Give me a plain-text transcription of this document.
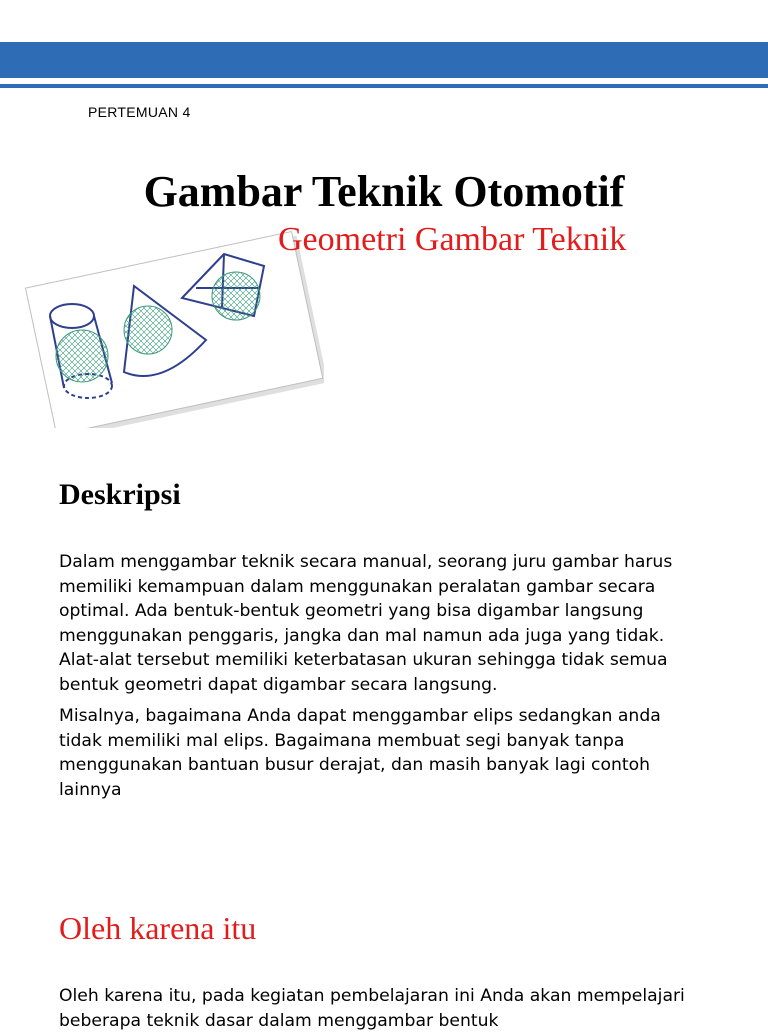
PERTEMUAN 4
Gambar Teknik Otomotif
Geometri Gambar Teknik
Deskripsi

Dalam menggambar teknik secara manual, seorang juru gambar harus memiliki kemampuan dalam menggunakan peralatan gambar secara optimal. Ada bentuk-bentuk geometri yang bisa digambar langsung menggunakan penggaris, jangka dan mal namun ada juga yang tidak. Alat-alat tersebut memiliki keterbatasan ukuran sehingga tidak semua bentuk geometri dapat digambar secara langsung.

Misalnya, bagaimana Anda dapat menggambar elips sedangkan anda tidak memiliki mal elips. Bagaimana membuat segi banyak tanpa menggunakan bantuan busur derajat, dan masih banyak lagi contoh lainnya

Oleh karena itu

Oleh karena itu, pada kegiatan pembelajaran ini Anda akan mempelajari beberapa teknik dasar dalam menggambar bentuk
